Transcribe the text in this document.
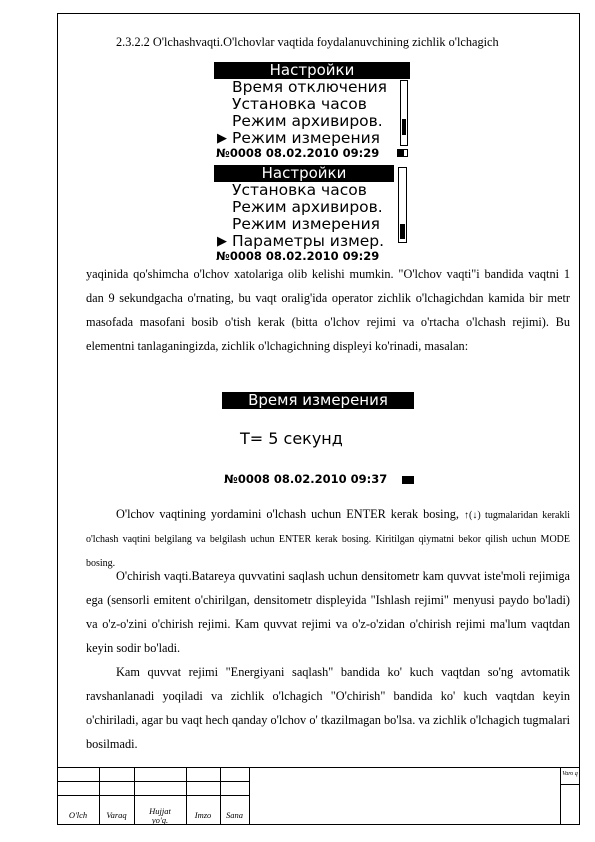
2.3.2.2 O'lchashvaqti.O'lchovlar vaqtida foydalanuvchining zichlik o'lchagich
Настройки
Время отключения
Установка часов
Режим архивиров.
▶ Режим измерения
№0008 08.02.2010 09:29
Настройки
Установка часов
Режим архивиров.
Режим измерения
▶ Параметры измер.
№0008 08.02.2010 09:29
yaqinida qo'shimcha o'lchov xatolariga olib kelishi mumkin. "O'lchov vaqti"i bandida vaqtni 1 dan 9 sekundgacha o'rnating, bu vaqt oralig'ida operator zichlik o'lchagichdan kamida bir metr masofada masofani bosib o'tish kerak (bitta o'lchov rejimi va o'rtacha o'lchash rejimi). Bu elementni tanlaganingizda, zichlik o'lchagichning displeyi ko'rinadi, masalan:
Время измерения
T= 5 секунд
№0008 08.02.2010 09:37
O'lchov vaqtining yordamini o'lchash uchun ENTER kerak bosing, ↑(↓) tugmalaridan kerakli o'lchash vaqtini belgilang va belgilash uchun ENTER kerak bosing. Kiritilgan qiymatni bekor qilish uchun MODE bosing.
O'chirish vaqti.Batareya quvvatini saqlash uchun densitometr kam quvvat iste'moli rejimiga ega (sensorli emitent o'chirilgan, densitometr displeyida "Ishlash rejimi" menyusi paydo bo'ladi) va o'z-o'zini o'chirish rejimi. Kam quvvat rejimi va o'z-o'zidan o'chirish rejimi ma'lum vaqtdan keyin sodir bo'ladi.
Kam quvvat rejimi "Energiyani saqlash" bandida ko' kuch vaqtdan so'ng avtomatik ravshanlanadi yoqiladi va zichlik o'lchagich "O'chirish" bandida ko' kuch vaqtdan keyin o'chiriladi, agar bu vaqt hech qanday o'lchov o' tkazilmagan bo'lsa. va zichlik o'lchagich tugmalari bosilmadi.
O'lch	Varaq	Hujjat yo'q.	Imzo	Sana
Varo q
